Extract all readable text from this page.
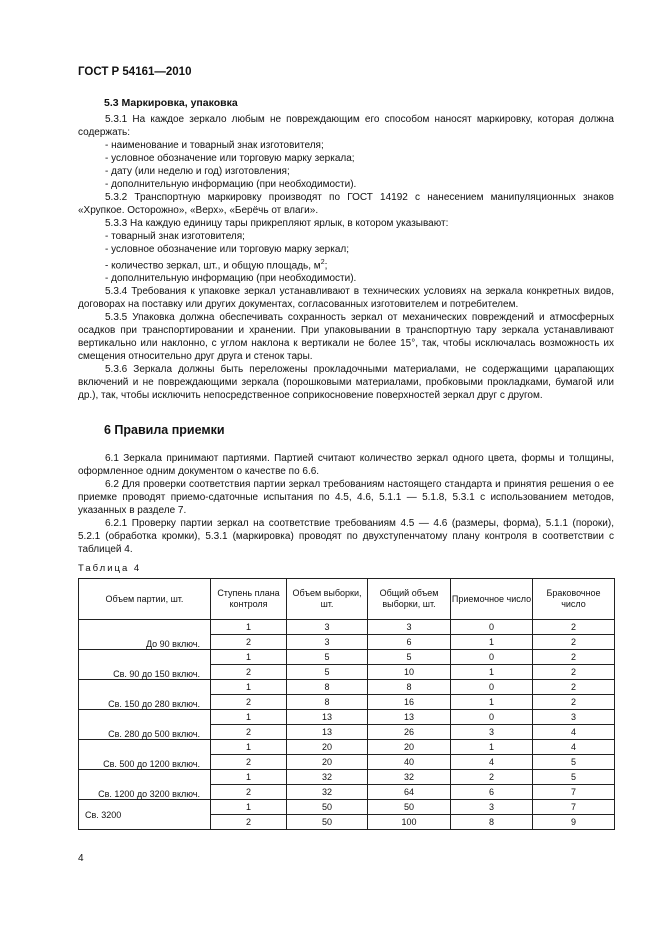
ГОСТ Р 54161—2010
5.3 Маркировка, упаковка

5.3.1 На каждое зеркало любым не повреждающим его способом наносят маркировку, которая должна содержать:

- наименование и товарный знак изготовителя;

- условное обозначение или торговую марку зеркала;

- дату (или неделю и год) изготовления;

- дополнительную информацию (при необходимости).

5.3.2 Транспортную маркировку производят по ГОСТ 14192 с нанесением манипуляционных знаков «Хрупкое. Осторожно», «Верх», «Берёчь от влаги».

5.3.3 На каждую единицу тары прикрепляют ярлык, в котором указывают:

- товарный знак изготовителя;

- условное обозначение или торговую марку зеркал;

- количество зеркал, шт., и общую площадь, $м^2$;

- дополнительную информацию (при необходимости).

5.3.4 Требования к упаковке зеркал устанавливают в технических условиях на зеркала конкретных видов, договорах на поставку или других документах, согласованных изготовителем и потребителем.

5.3.5 Упаковка должна обеспечивать сохранность зеркал от механических повреждений и атмосферных осадков при транспортировании и хранении. При упаковывании в транспортную тару зеркала устанавливают вертикально или наклонно, с углом наклона к вертикали не более 15°, так, чтобы исключалась возможность их смещения относительно друг друга и стенок тары.

5.3.6 Зеркала должны быть переложены прокладочными материалами, не содержащими царапающих включений и не повреждающими зеркала (порошковыми материалами, пробковыми прокладками, бумагой или др.), так, чтобы исключить непосредственное соприкосновение поверхностей зеркал друг с другом.

6 Правила приемки

6.1 Зеркала принимают партиями. Партией считают количество зеркал одного цвета, формы и толщины, оформленное одним документом о качестве по 6.6.

6.2 Для проверки соответствия партии зеркал требованиям настоящего стандарта и принятия решения о ее приемке проводят приемо-сдаточные испытания по 4.5, 4.6, 5.1.1 — 5.1.8, 5.3.1 с использованием методов, указанных в разделе 7.

6.2.1 Проверку партии зеркал на соответствие требованиям 4.5 — 4.6 (размеры, форма), 5.1.1 (пороки), 5.2.1 (обработка кромки), 5.3.1 (маркировка) проводят по двухступенчатому плану контроля в соответствии с таблицей 4.

Таблица 4
Объем партии, шт.	Ступень плана контроля	Объем выборки, шт.	Общий объем выборки, шт.	Приемочное число	Браковочное число
До 90 включ.	1	3	3	0	2
	2	3	6	1	2
Св. 90 до 150 включ.	1	5	5	0	2
	2	5	10	1	2
Св. 150 до 280 включ.	1	8	8	0	2
	2	8	16	1	2
Св. 280 до 500 включ.	1	13	13	0	3
	2	13	26	3	4
Св. 500 до 1200 включ.	1	20	20	1	4
	2	20	40	4	5
Св. 1200 до 3200 включ.	1	32	32	2	5
	2	32	64	6	7
Св. 3200	1	50	50	3	7
	2	50	100	8	9
4
